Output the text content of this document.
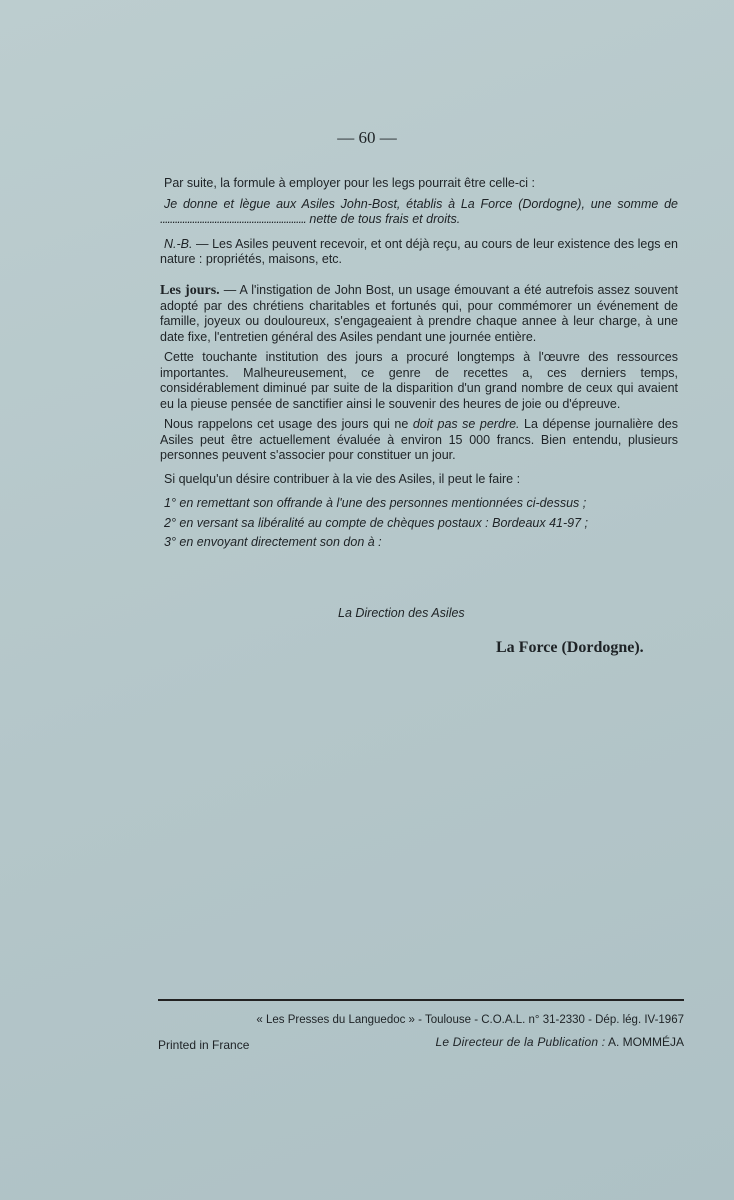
— 60 —

Par suite, la formule à employer pour les legs pourrait être celle-ci :

Je donne et lègue aux Asiles John-Bost, établis à La Force (Dordogne), une somme de ........................................................... nette de tous frais et droits.

N.-B. — Les Asiles peuvent recevoir, et ont déjà reçu, au cours de leur existence des legs en nature : propriétés, maisons, etc.

Les jours. — A l'instigation de John Bost, un usage émouvant a été autrefois assez souvent adopté par des chrétiens charitables et fortunés qui, pour commémorer un événement de famille, joyeux ou douloureux, s'engageaient à prendre chaque annee à leur charge, à une date fixe, l'entretien général des Asiles pendant une journée entière.

Cette touchante institution des jours a procuré longtemps à l'œuvre des ressources importantes. Malheureusement, ce genre de recettes a, ces derniers temps, considérablement diminué par suite de la disparition d'un grand nombre de ceux qui avaient eu la pieuse pensée de sanctifier ainsi le souvenir des heures de joie ou d'épreuve.

Nous rappelons cet usage des jours qui ne doit pas se perdre. La dépense journalière des Asiles peut être actuellement évaluée à environ 15 000 francs. Bien entendu, plusieurs personnes peuvent s'associer pour constituer un jour.

Si quelqu'un désire contribuer à la vie des Asiles, il peut le faire :

1° en remettant son offrande à l'une des personnes mentionnées ci-dessus ;

2° en versant sa libéralité au compte de chèques postaux : Bordeaux 41-97 ;

3° en envoyant directement son don à :

La Direction des Asiles
La Force (Dordogne).
« Les Presses du Languedoc » - Toulouse - C.O.A.L. n° 31-2330 - Dép. lég. IV-1967
Printed in France	Le Directeur de la Publication : A. MOMMÉJA
